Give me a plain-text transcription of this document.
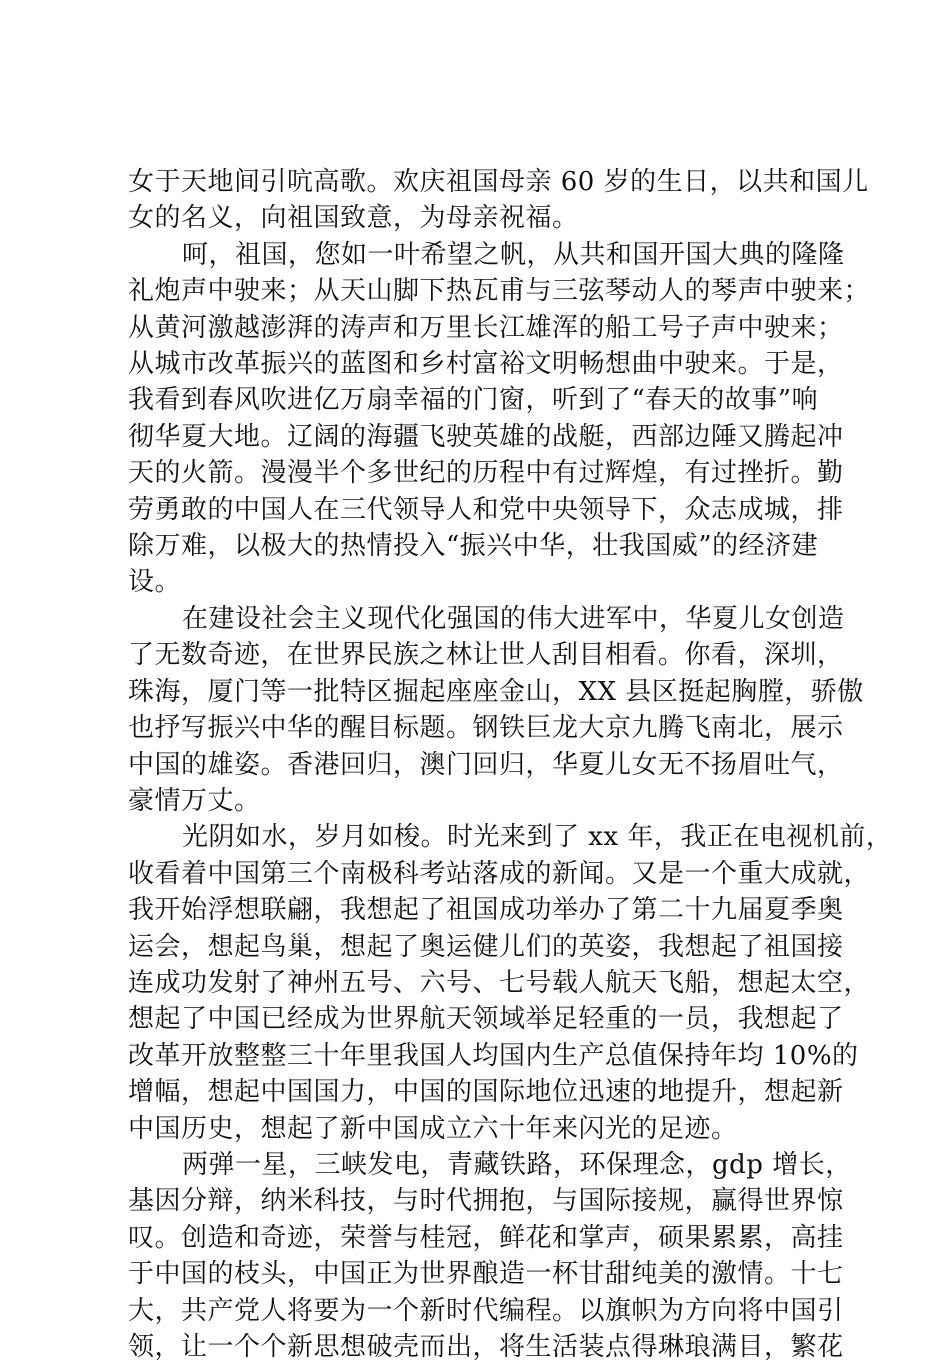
女于天地间引吭高歌。欢庆祖国母亲 60 岁的生日，以共和国儿
女的名义，向祖国致意，为母亲祝福。

呵，祖国，您如一叶希望之帆，从共和国开国大典的隆隆
礼炮声中驶来；从天山脚下热瓦甫与三弦琴动人的琴声中驶来；
从黄河激越澎湃的涛声和万里长江雄浑的船工号子声中驶来；
从城市改革振兴的蓝图和乡村富裕文明畅想曲中驶来。于是，
我看到春风吹进亿万扇幸福的门窗，听到了“春天的故事”响
彻华夏大地。辽阔的海疆飞驶英雄的战艇，西部边陲又腾起冲
天的火箭。漫漫半个多世纪的历程中有过辉煌，有过挫折。勤
劳勇敢的中国人在三代领导人和党中央领导下，众志成城，排
除万难，以极大的热情投入“振兴中华，壮我国威”的经济建
设。

在建设社会主义现代化强国的伟大进军中，华夏儿女创造
了无数奇迹，在世界民族之林让世人刮目相看。你看，深圳，
珠海，厦门等一批特区掘起座座金山，XX 县区挺起胸膛，骄傲
也抒写振兴中华的醒目标题。钢铁巨龙大京九腾飞南北，展示
中国的雄姿。香港回归，澳门回归，华夏儿女无不扬眉吐气，
豪情万丈。

光阴如水，岁月如梭。时光来到了 xx 年，我正在电视机前，
收看着中国第三个南极科考站落成的新闻。又是一个重大成就，
我开始浮想联翩，我想起了祖国成功举办了第二十九届夏季奥
运会，想起鸟巢，想起了奥运健儿们的英姿，我想起了祖国接
连成功发射了神州五号、六号、七号载人航天飞船，想起太空，
想起了中国已经成为世界航天领域举足轻重的一员，我想起了
改革开放整整三十年里我国人均国内生产总值保持年均 10%的
增幅，想起中国国力，中国的国际地位迅速的地提升，想起新
中国历史，想起了新中国成立六十年来闪光的足迹。

两弹一星，三峡发电，青藏铁路，环保理念，gdp 增长，
基因分辩，纳米科技，与时代拥抱，与国际接规，赢得世界惊
叹。创造和奇迹，荣誉与桂冠，鲜花和掌声，硕果累累，高挂
于中国的枝头，中国正为世界酿造一杯甘甜纯美的激情。十七
大，共产党人将要为一个新时代编程。以旗帜为方向将中国引
领，让一个个新思想破壳而出，将生活装点得琳琅满目，繁花
